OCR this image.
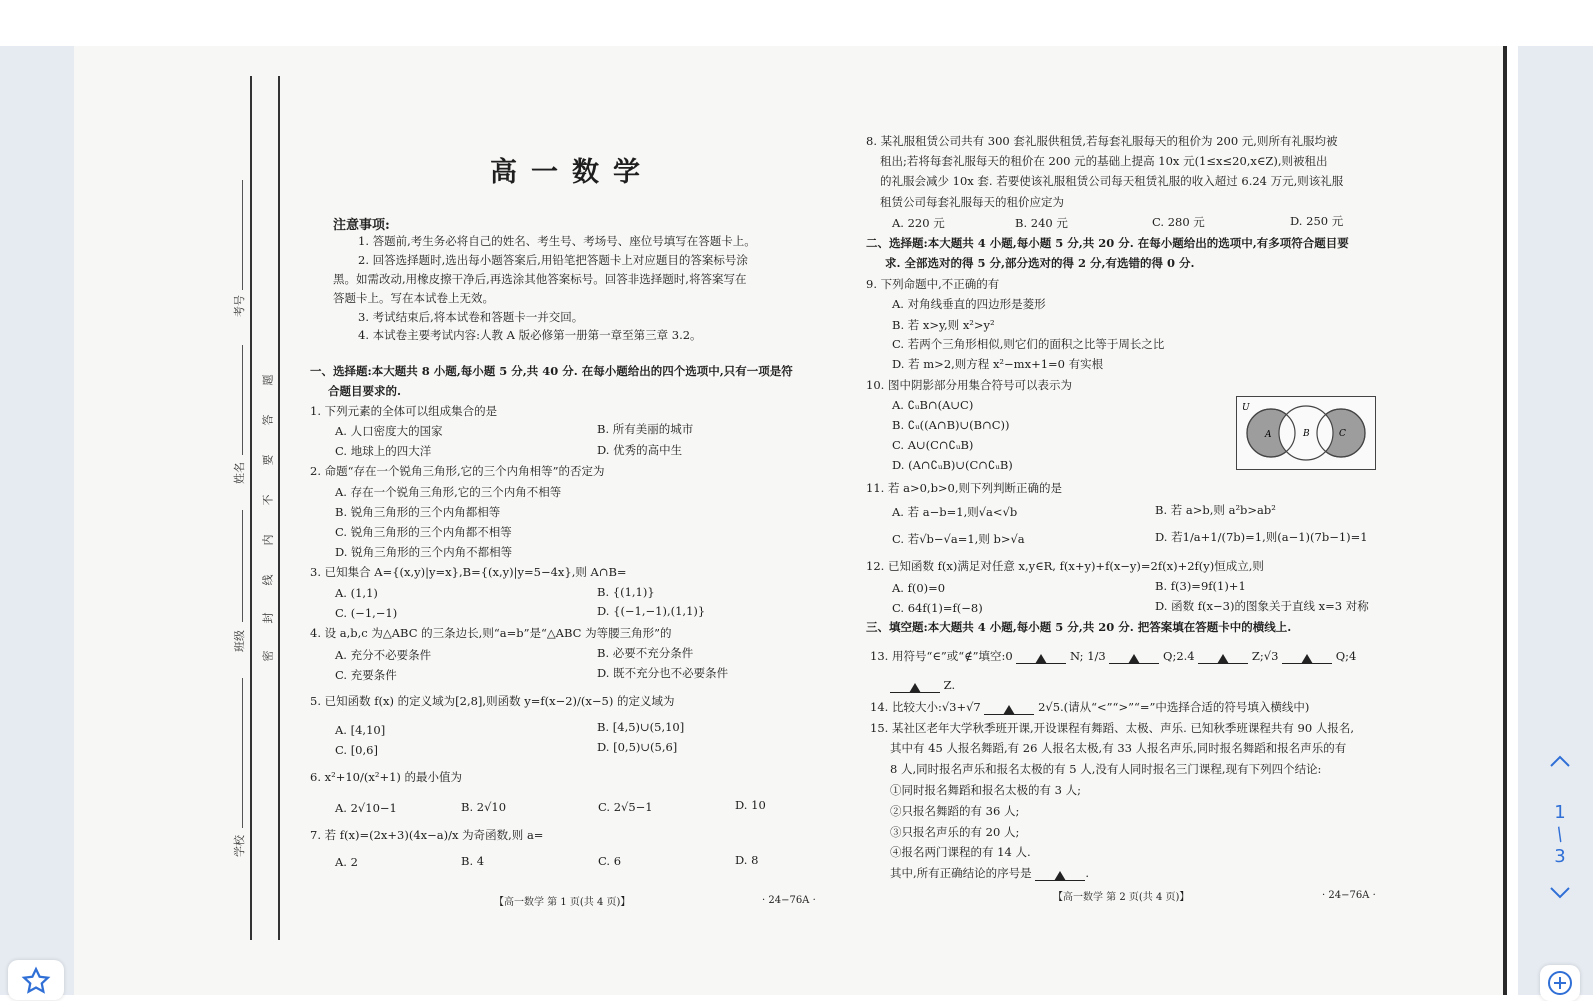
1
/
3
考号
姓名
班级
学校
题
答
要
不
内
线
封
密
高一数学
注意事项:
1. 答题前,考生务必将自己的姓名、考生号、考场号、座位号填写在答题卡上。
2. 回答选择题时,选出每小题答案后,用铅笔把答题卡上对应题目的答案标号涂
黑。如需改动,用橡皮擦干净后,再选涂其他答案标号。回答非选择题时,将答案写在
答题卡上。写在本试卷上无效。
3. 考试结束后,将本试卷和答题卡一并交回。
4. 本试卷主要考试内容:人教 A 版必修第一册第一章至第三章 3.2。
一、选择题:本大题共 8 小题,每小题 5 分,共 40 分. 在每小题给出的四个选项中,只有一项是符
合题目要求的.
1. 下列元素的全体可以组成集合的是
A. 人口密度大的国家	B. 所有美丽的城市
C. 地球上的四大洋	D. 优秀的高中生
2. 命题“存在一个锐角三角形,它的三个内角相等”的否定为
A. 存在一个锐角三角形,它的三个内角不相等
B. 锐角三角形的三个内角都相等
C. 锐角三角形的三个内角都不相等
D. 锐角三角形的三个内角不都相等
3. 已知集合 A={(x,y)|y=x},B={(x,y)|y=5−4x},则 A∩B=
A. (1,1)	B. {(1,1)}
C. (−1,−1)	D. {(−1,−1),(1,1)}
4. 设 a,b,c 为△ABC 的三条边长,则“a=b”是“△ABC 为等腰三角形”的
A. 充分不必要条件	B. 必要不充分条件
C. 充要条件	D. 既不充分也不必要条件
5. 已知函数 f(x) 的定义域为[2,8],则函数 y=f(x−2)/(x−5) 的定义域为
A. [4,10]	B. [4,5)∪(5,10]
C. [0,6]	D. [0,5)∪(5,6]
6. x²+10/(x²+1) 的最小值为
A. 2√10−1	B. 2√10	C. 2√5−1	D. 10
7. 若 f(x)=(2x+3)(4x−a)/x 为奇函数,则 a=
A. 2	B. 4	C. 6	D. 8
【高一数学 第 1 页(共 4 页)】	· 24−76A ·
8. 某礼服租赁公司共有 300 套礼服供租赁,若每套礼服每天的租价为 200 元,则所有礼服均被
租出;若将每套礼服每天的租价在 200 元的基础上提高 10x 元(1≤x≤20,x∈Z),则被租出
的礼服会减少 10x 套. 若要使该礼服租赁公司每天租赁礼服的收入超过 6.24 万元,则该礼服
租赁公司每套礼服每天的租价应定为
A. 220 元	B. 240 元	C. 280 元	D. 250 元
二、选择题:本大题共 4 小题,每小题 5 分,共 20 分. 在每小题给出的选项中,有多项符合题目要
求. 全部选对的得 5 分,部分选对的得 2 分,有选错的得 0 分.
9. 下列命题中,不正确的有
A. 对角线垂直的四边形是菱形
B. 若 x>y,则 x²>y²
C. 若两个三角形相似,则它们的面积之比等于周长之比
D. 若 m>2,则方程 x²−mx+1=0 有实根
10. 图中阴影部分用集合符号可以表示为
A. ∁ᵤB∩(A∪C)
B. ∁ᵤ((A∩B)∪(B∩C))
C. A∪(C∩∁ᵤB)
D. (A∩∁ᵤB)∪(C∩∁ᵤB)
U
A	B	C
11. 若 a>0,b>0,则下列判断正确的是
A. 若 a−b=1,则√a<√b	B. 若 a>b,则 a²b>ab²
C. 若√b−√a=1,则 b>√a	D. 若1/a+1/(7b)=1,则(a−1)(7b−1)=1
12. 已知函数 f(x)满足对任意 x,y∈R, f(x+y)+f(x−y)=2f(x)+2f(y)恒成立,则
A. f(0)=0	B. f(3)=9f(1)+1
C. 64f(1)=f(−8)	D. 函数 f(x−3)的图象关于直线 x=3 对称
三、填空题:本大题共 4 小题,每小题 5 分,共 20 分. 把答案填在答题卡中的横线上.
13. 用符号“∈”或“∉”填空:0	N; 1/3	Q;2.4	Z;√3	Q;4
Z.
14. 比较大小:√3+√7	2√5.(请从“<”“>”“=”中选择合适的符号填入横线中)
15. 某社区老年大学秋季班开课,开设课程有舞蹈、太极、声乐. 已知秋季班课程共有 90 人报名,
其中有 45 人报名舞蹈,有 26 人报名太极,有 33 人报名声乐,同时报名舞蹈和报名声乐的有
8 人,同时报名声乐和报名太极的有 5 人,没有人同时报名三门课程,现有下列四个结论:
①同时报名舞蹈和报名太极的有 3 人;
②只报名舞蹈的有 36 人;
③只报名声乐的有 20 人;
④报名两门课程的有 14 人.
其中,所有正确结论的序号是	.
【高一数学 第 2 页(共 4 页)】	· 24−76A ·
